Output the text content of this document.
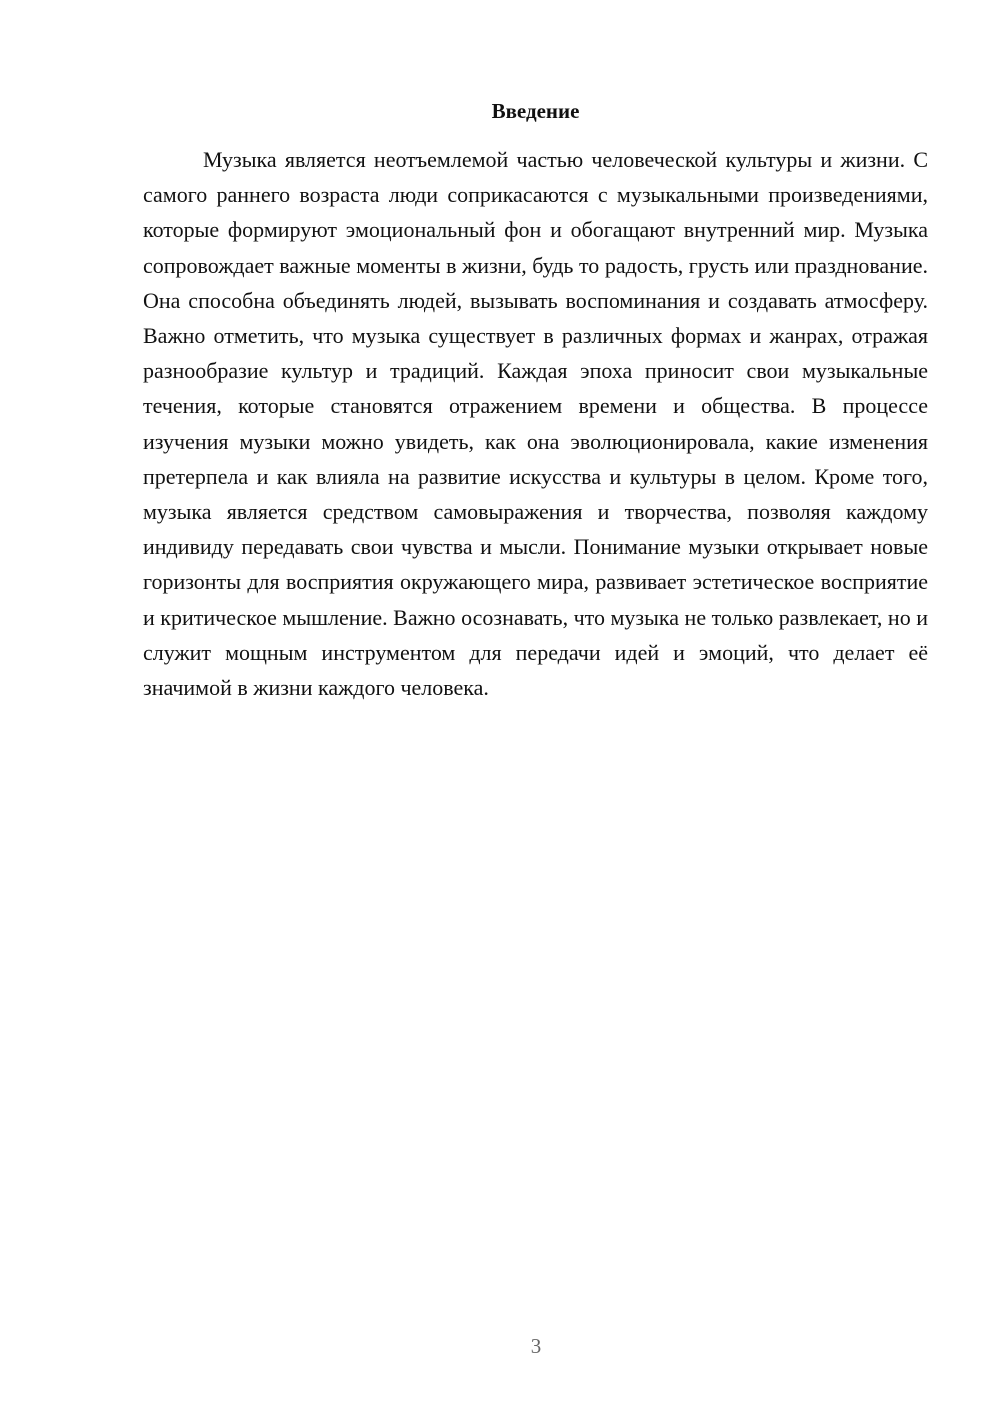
Введение

Музыка является неотъемлемой частью человеческой культуры и жизни. С самого раннего возраста люди соприкасаются с музыкальными произведениями, которые формируют эмоциональный фон и обогащают внутренний мир. Музыка сопровождает важные моменты в жизни, будь то радость, грусть или празднование. Она способна объединять людей, вызывать воспоминания и создавать атмосферу. Важно отметить, что музыка существует в различных формах и жанрах, отражая разнообразие культур и традиций. Каждая эпоха приносит свои музыкальные течения, которые становятся отражением времени и общества. В процессе изучения музыки можно увидеть, как она эволюционировала, какие изменения претерпела и как влияла на развитие искусства и культуры в целом. Кроме того, музыка является средством самовыражения и творчества, позволяя каждому индивиду передавать свои чувства и мысли. Понимание музыки открывает новые горизонты для восприятия окружающего мира, развивает эстетическое восприятие и критическое мышление. Важно осознавать, что музыка не только развлекает, но и служит мощным инструментом для передачи идей и эмоций, что делает её значимой в жизни каждого человека.

3
